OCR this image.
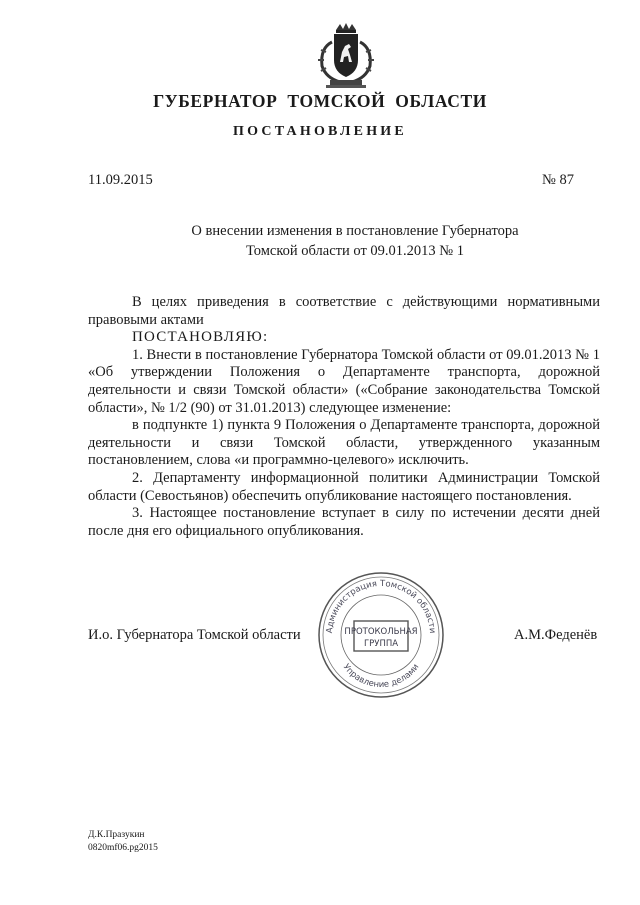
ГУБЕРНАТОР ТОМСКОЙ ОБЛАСТИ
ПОСТАНОВЛЕНИЕ
11.09.2015	№ 87
О внесении изменения в постановление Губернатора
Томской области от 09.01.2013 № 1

В целях приведения в соответствие с действующими нормативными правовыми актами

ПОСТАНОВЛЯЮ:

1. Внести в постановление Губернатора Томской области от 09.01.2013 № 1 «Об утверждении Положения о Департаменте транспорта, дорожной деятельности и связи Томской области» («Собрание законодательства Томской области», № 1/2 (90) от 31.01.2013) следующее изменение:

в подпункте 1) пункта 9 Положения о Департаменте транспорта, дорожной деятельности и связи Томской области, утвержденного указанным постановлением, слова «и программно-целевого» исключить.

2. Департаменту информационной политики Администрации Томской области (Севостьянов) обеспечить опубликование настоящего постановления.

3. Настоящее постановление вступает в силу по истечении десяти дней после дня его официального опубликования.

И.о. Губернатора Томской области	Администрация Томской области
Управление делами
ПРОТОКОЛЬНАЯ
ГРУППА
А.М.Феденёв
Д.К.Празукин
0820mf06.pg2015
